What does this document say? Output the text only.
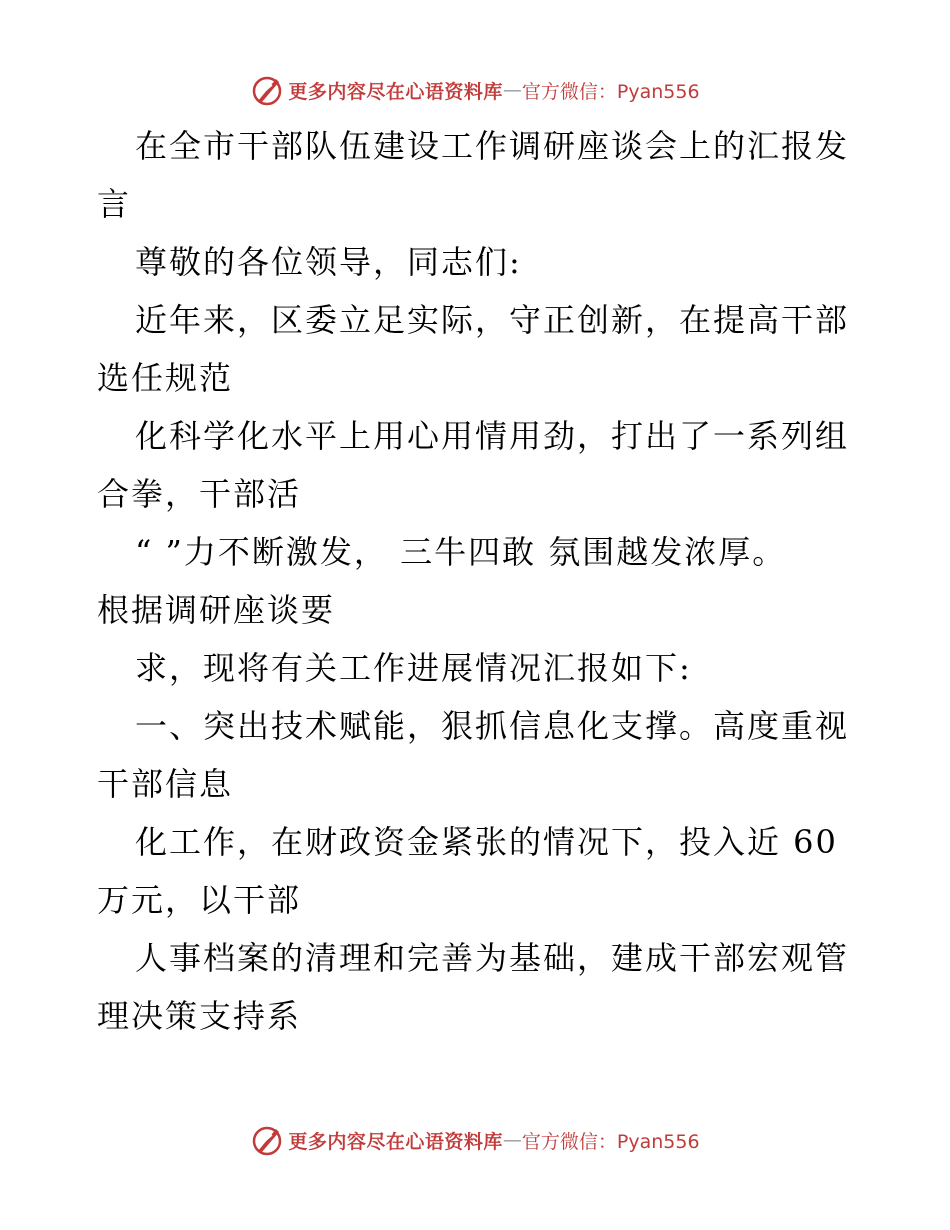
更多内容尽在心语资料库 — 官方微信：Pyan556
在全市干部队伍建设工作调研座谈会上的汇报发
言
尊敬的各位领导，同志们:
近年来，区委立足实际，守正创新，在提高干部
选任规范
化科学化水平上用心用情用劲，打出了一系列组
合拳，干部活
“ ”力不断激发， 三牛四敢 氛围越发浓厚。
根据调研座谈要
求，现将有关工作进展情况汇报如下:
一、突出技术赋能，狠抓信息化支撑。高度重视
干部信息
化工作，在财政资金紧张的情况下，投入近 60
万元，以干部
人事档案的清理和完善为基础，建成干部宏观管
理决策支持系
更多内容尽在心语资料库 — 官方微信：Pyan556
